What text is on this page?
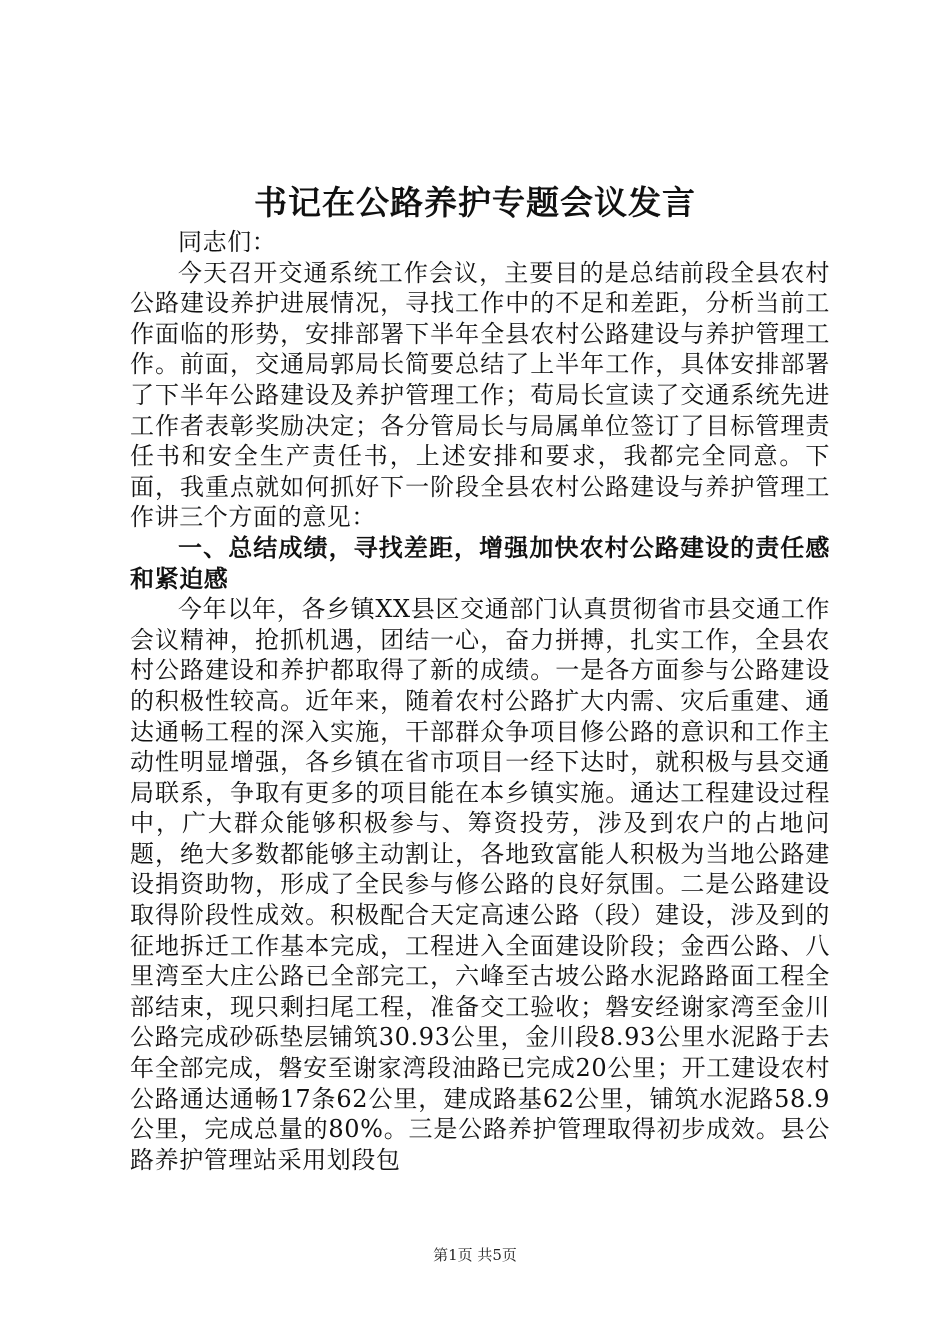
书记在公路养护专题会议发言

同志们：

今天召开交通系统工作会议，主要目的是总结前段全县农村公路建设养护进展情况，寻找工作中的不足和差距，分析当前工作面临的形势，安排部署下半年全县农村公路建设与养护管理工作。前面，交通局郭局长简要总结了上半年工作，具体安排部署了下半年公路建设及养护管理工作；荀局长宣读了交通系统先进工作者表彰奖励决定；各分管局长与局属单位签订了目标管理责任书和安全生产责任书，上述安排和要求，我都完全同意。下面，我重点就如何抓好下一阶段全县农村公路建设与养护管理工作讲三个方面的意见：

一、总结成绩，寻找差距，增强加快农村公路建设的责任感和紧迫感

今年以年，各乡镇XX县区交通部门认真贯彻省市县交通工作会议精神，抢抓机遇，团结一心，奋力拼搏，扎实工作，全县农村公路建设和养护都取得了新的成绩。一是各方面参与公路建设的积极性较高。近年来，随着农村公路扩大内需、灾后重建、通达通畅工程的深入实施，干部群众争项目修公路的意识和工作主动性明显增强，各乡镇在省市项目一经下达时，就积极与县交通局联系，争取有更多的项目能在本乡镇实施。通达工程建设过程中，广大群众能够积极参与、筹资投劳，涉及到农户的占地问题，绝大多数都能够主动割让，各地致富能人积极为当地公路建设捐资助物，形成了全民参与修公路的良好氛围。二是公路建设取得阶段性成效。积极配合天定高速公路（段）建设，涉及到的征地拆迁工作基本完成，工程进入全面建设阶段；金西公路、八里湾至大庄公路已全部完工，六峰至古坡公路水泥路路面工程全部结束，现只剩扫尾工程，准备交工验收；磐安经谢家湾至金川公路完成砂砾垫层铺筑30.93公里，金川段8.93公里水泥路于去年全部完成，磐安至谢家湾段油路已完成20公里；开工建设农村公路通达通畅17条62公里，建成路基62公里，铺筑水泥路58.9公里，完成总量的80%。三是公路养护管理取得初步成效。县公路养护管理站采用划段包

第1页 共5页
